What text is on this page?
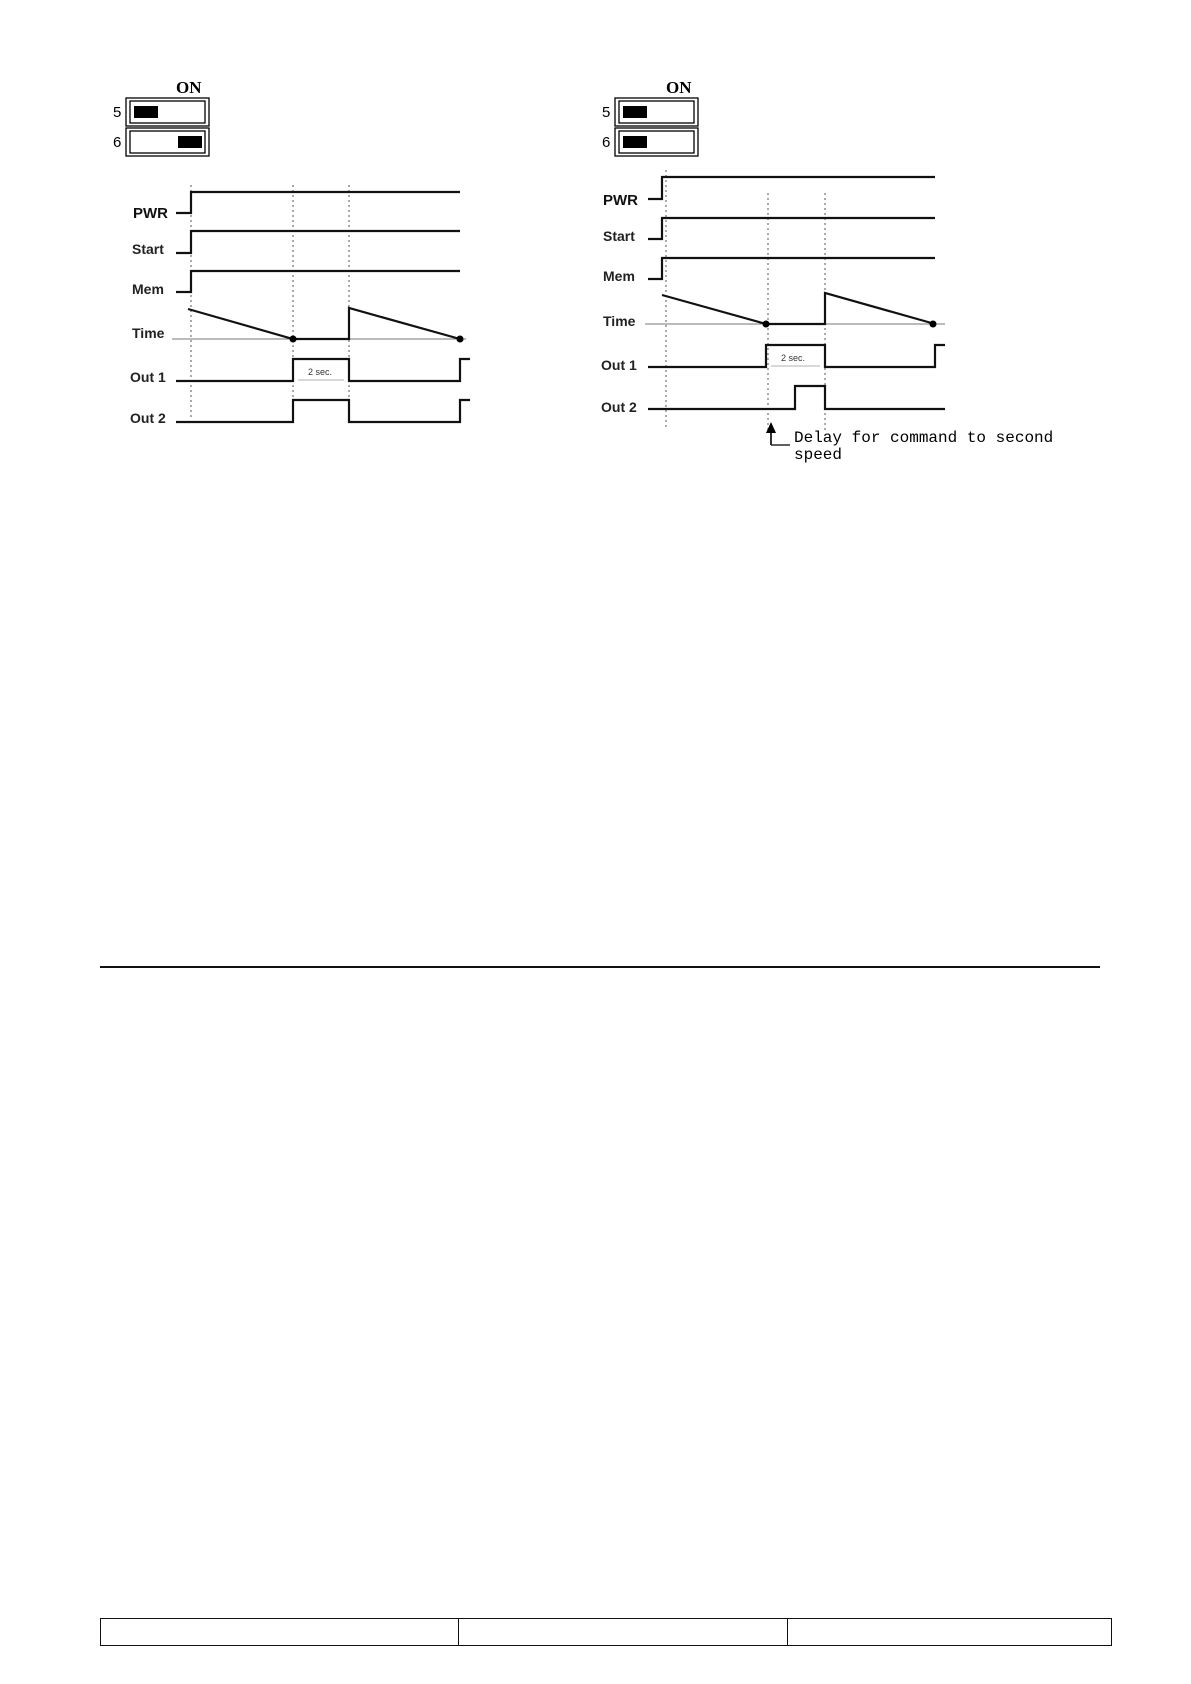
ON
5
6
PWR
Start
Mem
Time
Out 1
Out 2
2 sec.
ON
5
6
PWR
Start
Mem
Time
Out 1
Out 2
2 sec.
Delay for command to second
speed
